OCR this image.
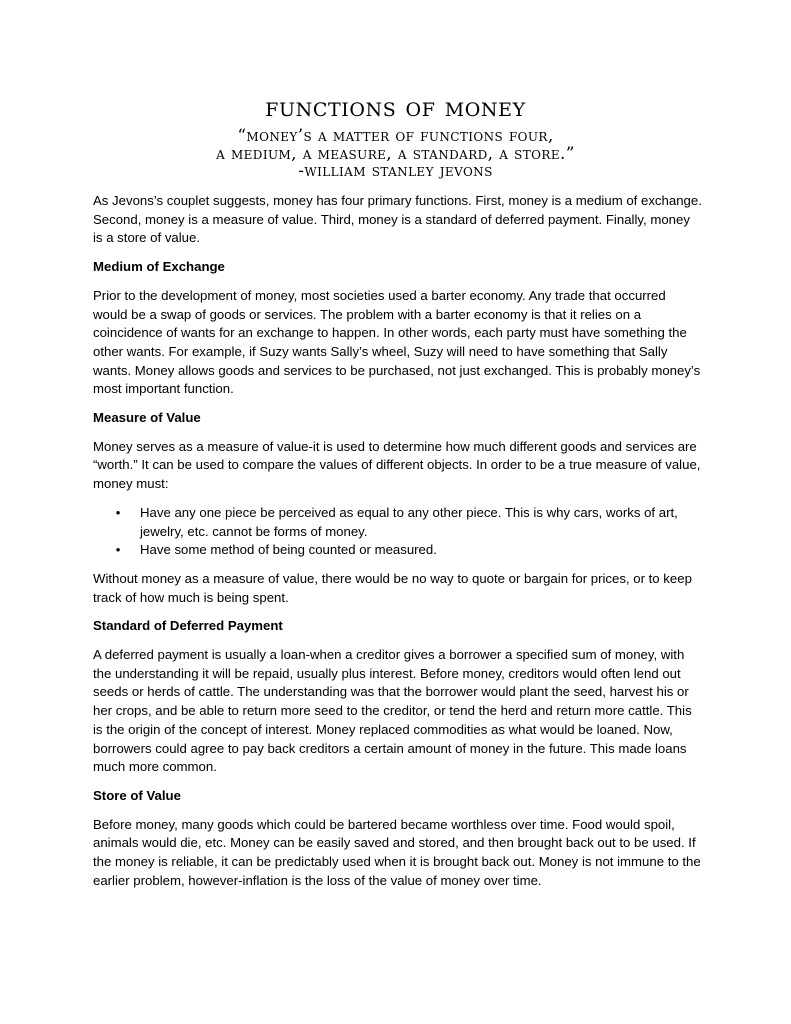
functions of money
“money’s a matter of functions four,
a medium, a measure, a standard, a store.”
-william stanley jevons

As Jevons’s couplet suggests, money has four primary functions. First, money is a medium of exchange. Second, money is a measure of value. Third, money is a standard of deferred payment. Finally, money is a store of value.

Medium of Exchange

Prior to the development of money, most societies used a barter economy. Any trade that occurred would be a swap of goods or services. The problem with a barter economy is that it relies on a coincidence of wants for an exchange to happen. In other words, each party must have something the other wants. For example, if Suzy wants Sally’s wheel, Suzy will need to have something that Sally wants. Money allows goods and services to be purchased, not just exchanged. This is probably money’s most important function.

Measure of Value

Money serves as a measure of value-it is used to determine how much different goods and services are “worth.” It can be used to compare the values of different objects. In order to be a true measure of value, money must:

• Have any one piece be perceived as equal to any other piece. This is why cars, works of art, jewelry, etc. cannot be forms of money.
• Have some method of being counted or measured.

Without money as a measure of value, there would be no way to quote or bargain for prices, or to keep track of how much is being spent.

Standard of Deferred Payment

A deferred payment is usually a loan-when a creditor gives a borrower a specified sum of money, with the understanding it will be repaid, usually plus interest. Before money, creditors would often lend out seeds or herds of cattle. The understanding was that the borrower would plant the seed, harvest his or her crops, and be able to return more seed to the creditor, or tend the herd and return more cattle. This is the origin of the concept of interest. Money replaced commodities as what would be loaned. Now, borrowers could agree to pay back creditors a certain amount of money in the future. This made loans much more common.

Store of Value

Before money, many goods which could be bartered became worthless over time. Food would spoil, animals would die, etc. Money can be easily saved and stored, and then brought back out to be used. If the money is reliable, it can be predictably used when it is brought back out. Money is not immune to the earlier problem, however-inflation is the loss of the value of money over time.
